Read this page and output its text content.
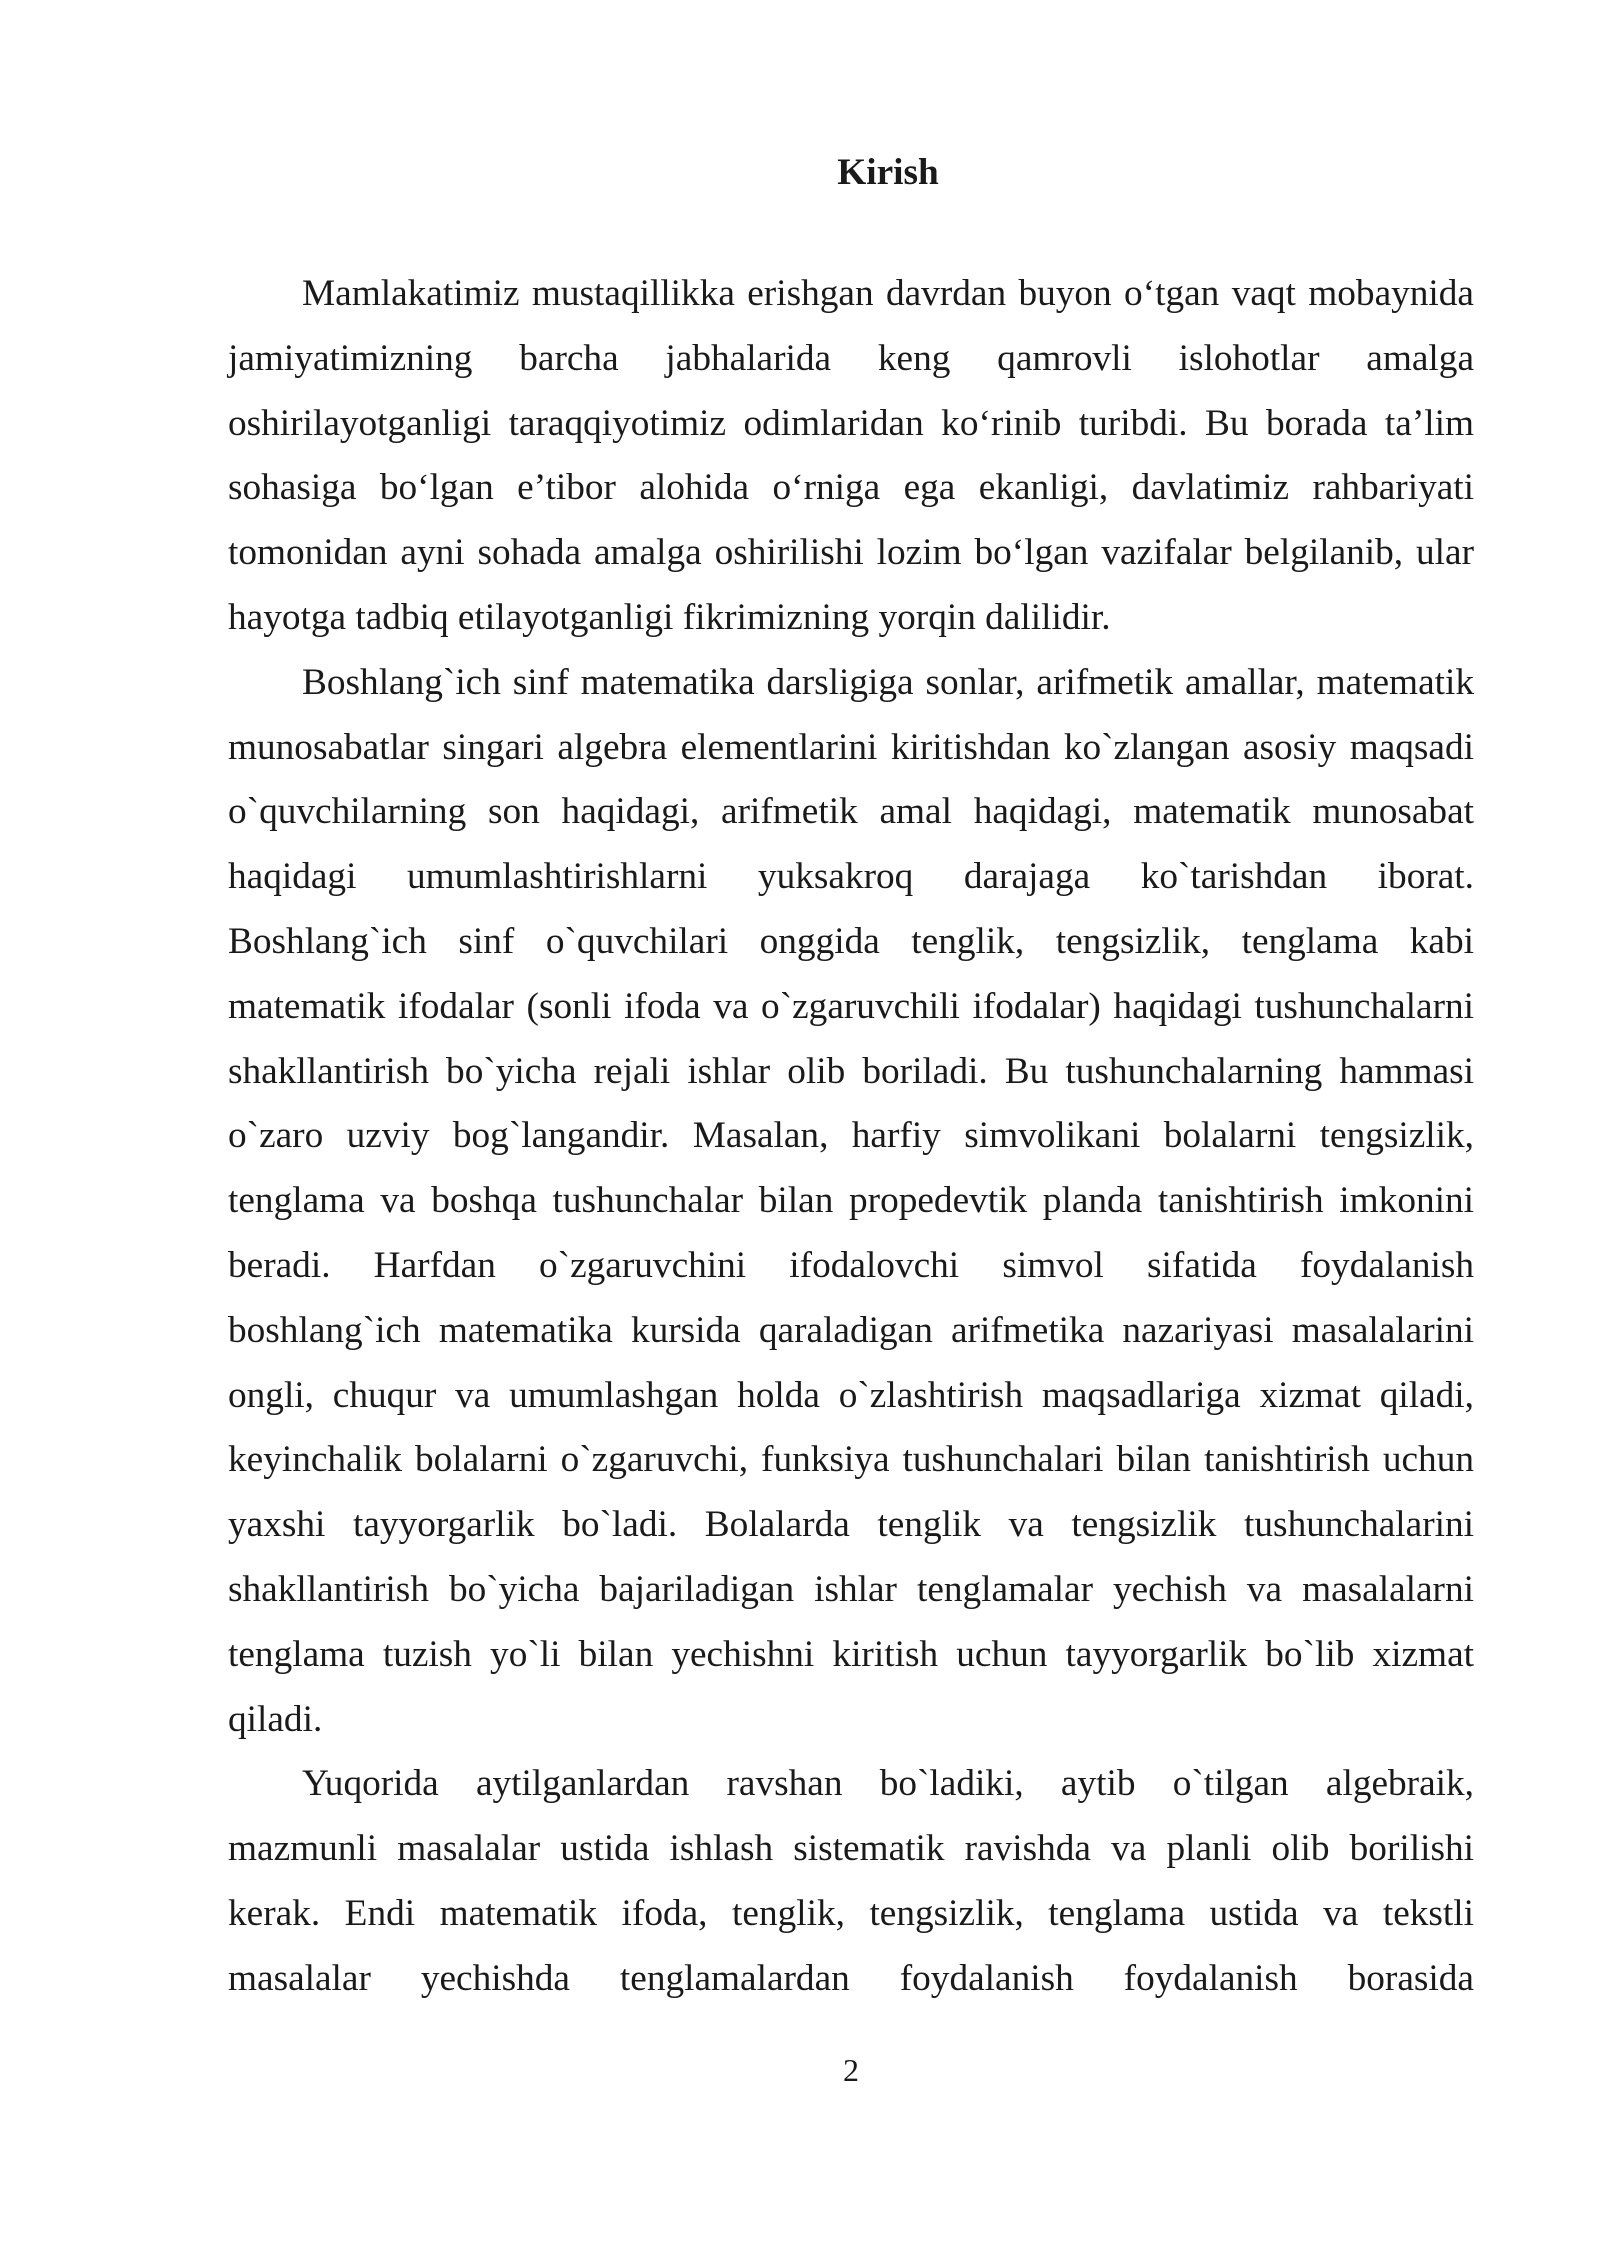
Kirish
Mamlakatimiz mustaqillikka erishgan davrdan buyon o‘tgan vaqt mobaynida
jamiyatimizning barcha jabhalarida keng qamrovli islohotlar amalga
oshirilayotganligi taraqqiyotimiz odimlaridan ko‘rinib turibdi. Bu borada ta’lim
sohasiga bo‘lgan e’tibor alohida o‘rniga ega ekanligi, davlatimiz rahbariyati
tomonidan ayni sohada amalga oshirilishi lozim bo‘lgan vazifalar belgilanib, ular
hayotga tadbiq etilayotganligi fikrimizning yorqin dalilidir.
Boshlang`ich sinf matematika darsligiga sonlar, arifmetik amallar, matematik
munosabatlar singari algebra elementlarini kiritishdan ko`zlangan asosiy maqsadi
o`quvchilarning son haqidagi, arifmetik amal haqidagi, matematik munosabat
haqidagi umumlashtirishlarni yuksakroq darajaga ko`tarishdan iborat.
Boshlang`ich sinf o`quvchilari onggida tenglik, tengsizlik, tenglama kabi
matematik ifodalar (sonli ifoda va o`zgaruvchili ifodalar) haqidagi tushunchalarni
shakllantirish bo`yicha rejali ishlar olib boriladi. Bu tushunchalarning hammasi
o`zaro uzviy bog`langandir. Masalan, harfiy simvolikani bolalarni tengsizlik,
tenglama va boshqa tushunchalar bilan propedevtik planda tanishtirish imkonini
beradi. Harfdan o`zgaruvchini ifodalovchi simvol sifatida foydalanish
boshlang`ich matematika kursida qaraladigan arifmetika nazariyasi masalalarini
ongli, chuqur va umumlashgan holda o`zlashtirish maqsadlariga xizmat qiladi,
keyinchalik bolalarni o`zgaruvchi, funksiya tushunchalari bilan tanishtirish uchun
yaxshi tayyorgarlik bo`ladi. Bolalarda tenglik va tengsizlik tushunchalarini
shakllantirish bo`yicha bajariladigan ishlar tenglamalar yechish va masalalarni
tenglama tuzish yo`li bilan yechishni kiritish uchun tayyorgarlik bo`lib xizmat
qiladi.
Yuqorida aytilganlardan ravshan bo`ladiki, aytib o`tilgan algebraik,
mazmunli masalalar ustida ishlash sistematik ravishda va planli olib borilishi
kerak. Endi matematik ifoda, tenglik, tengsizlik, tenglama ustida va tekstli
masalalar yechishda tenglamalardan foydalanish foydalanish borasida
2
